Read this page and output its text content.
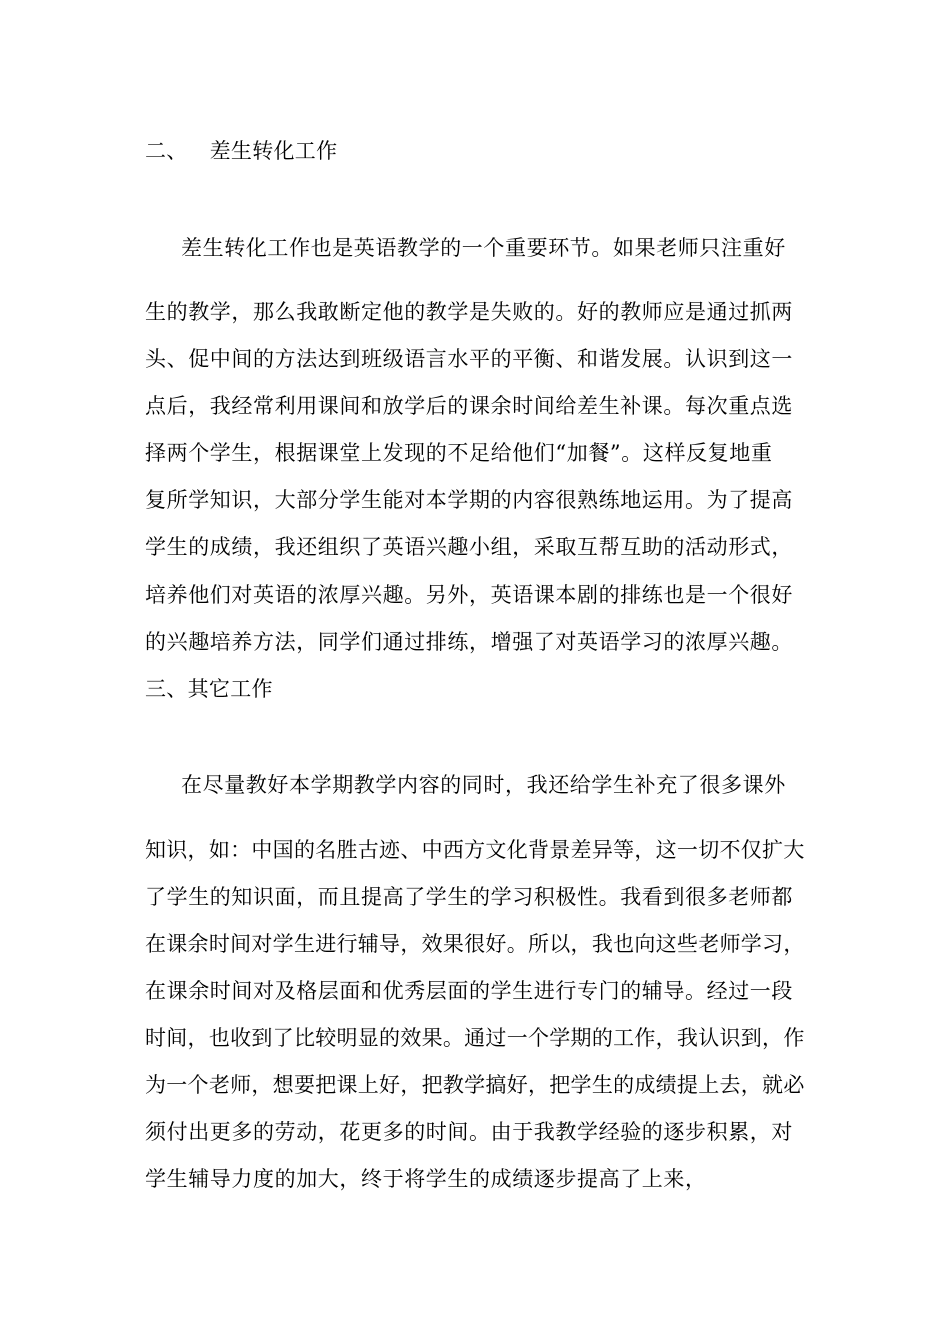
二、 差生转化工作
差生转化工作也是英语教学的一个重要环节。如果老师只注重好
生的教学，那么我敢断定他的教学是失败的。好的教师应是通过抓两
头、促中间的方法达到班级语言水平的平衡、和谐发展。认识到这一
点后，我经常利用课间和放学后的课余时间给差生补课。每次重点选
择两个学生，根据课堂上发现的不足给他们“加餐”。这样反复地重
复所学知识，大部分学生能对本学期的内容很熟练地运用。为了提高
学生的成绩，我还组织了英语兴趣小组，采取互帮互助的活动形式，
培养他们对英语的浓厚兴趣。另外，英语课本剧的排练也是一个很好
的兴趣培养方法，同学们通过排练，增强了对英语学习的浓厚兴趣。
三、其它工作
在尽量教好本学期教学内容的同时，我还给学生补充了很多课外
知识，如：中国的名胜古迹、中西方文化背景差异等，这一切不仅扩大
了学生的知识面，而且提高了学生的学习积极性。我看到很多老师都
在课余时间对学生进行辅导，效果很好。所以，我也向这些老师学习，
在课余时间对及格层面和优秀层面的学生进行专门的辅导。经过一段
时间，也收到了比较明显的效果。通过一个学期的工作，我认识到，作
为一个老师，想要把课上好，把教学搞好，把学生的成绩提上去，就必
须付出更多的劳动，花更多的时间。由于我教学经验的逐步积累，对
学生辅导力度的加大，终于将学生的成绩逐步提高了上来，
